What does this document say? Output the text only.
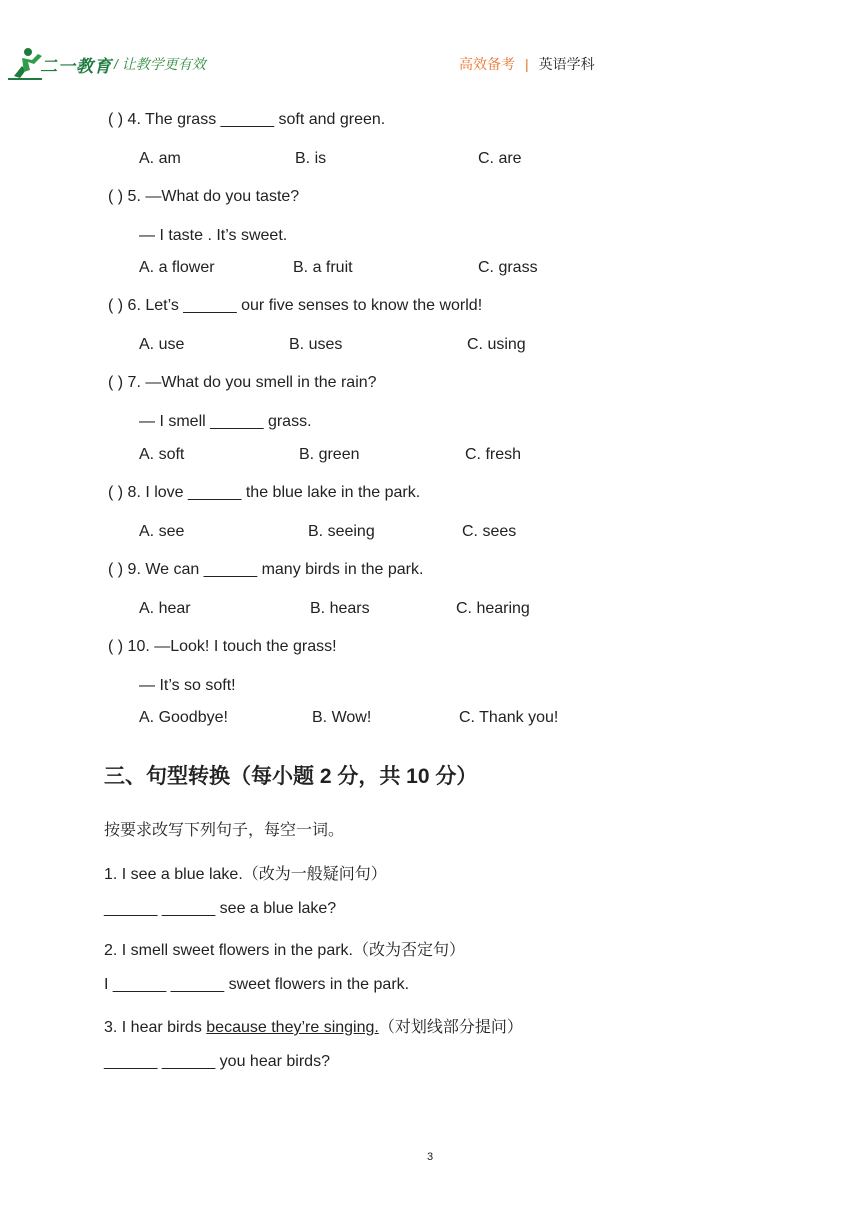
二一教育 / 让教学更有效	高效备考 | 英语学科
( ) 4. The grass ______ soft and green.
A. am	B. is	C. are
( ) 5. —What do you taste?
— I taste . It’s sweet.
A. a flower	B. a fruit	C. grass
( ) 6. Let’s ______ our five senses to know the world!
A. use	B. uses	C. using
( ) 7. —What do you smell in the rain?
— I smell ______ grass.
A. soft	B. green	C. fresh
( ) 8. I love ______ the blue lake in the park.
A. see	B. seeing	C. sees
( ) 9. We can ______ many birds in the park.
A. hear	B. hears	C. hearing
( ) 10. —Look! I touch the grass!
— It’s so soft!
A. Goodbye!	B. Wow!	C. Thank you!
三、句型转换（每小题 2 分，共 10 分）
按要求改写下列句子，每空一词。
1. I see a blue lake.（改为一般疑问句）
______ ______ see a blue lake?
2. I smell sweet flowers in the park.（改为否定句）
I ______ ______ sweet flowers in the park.
3. I hear birds because they’re singing.（对划线部分提问）
______ ______ you hear birds?
3
